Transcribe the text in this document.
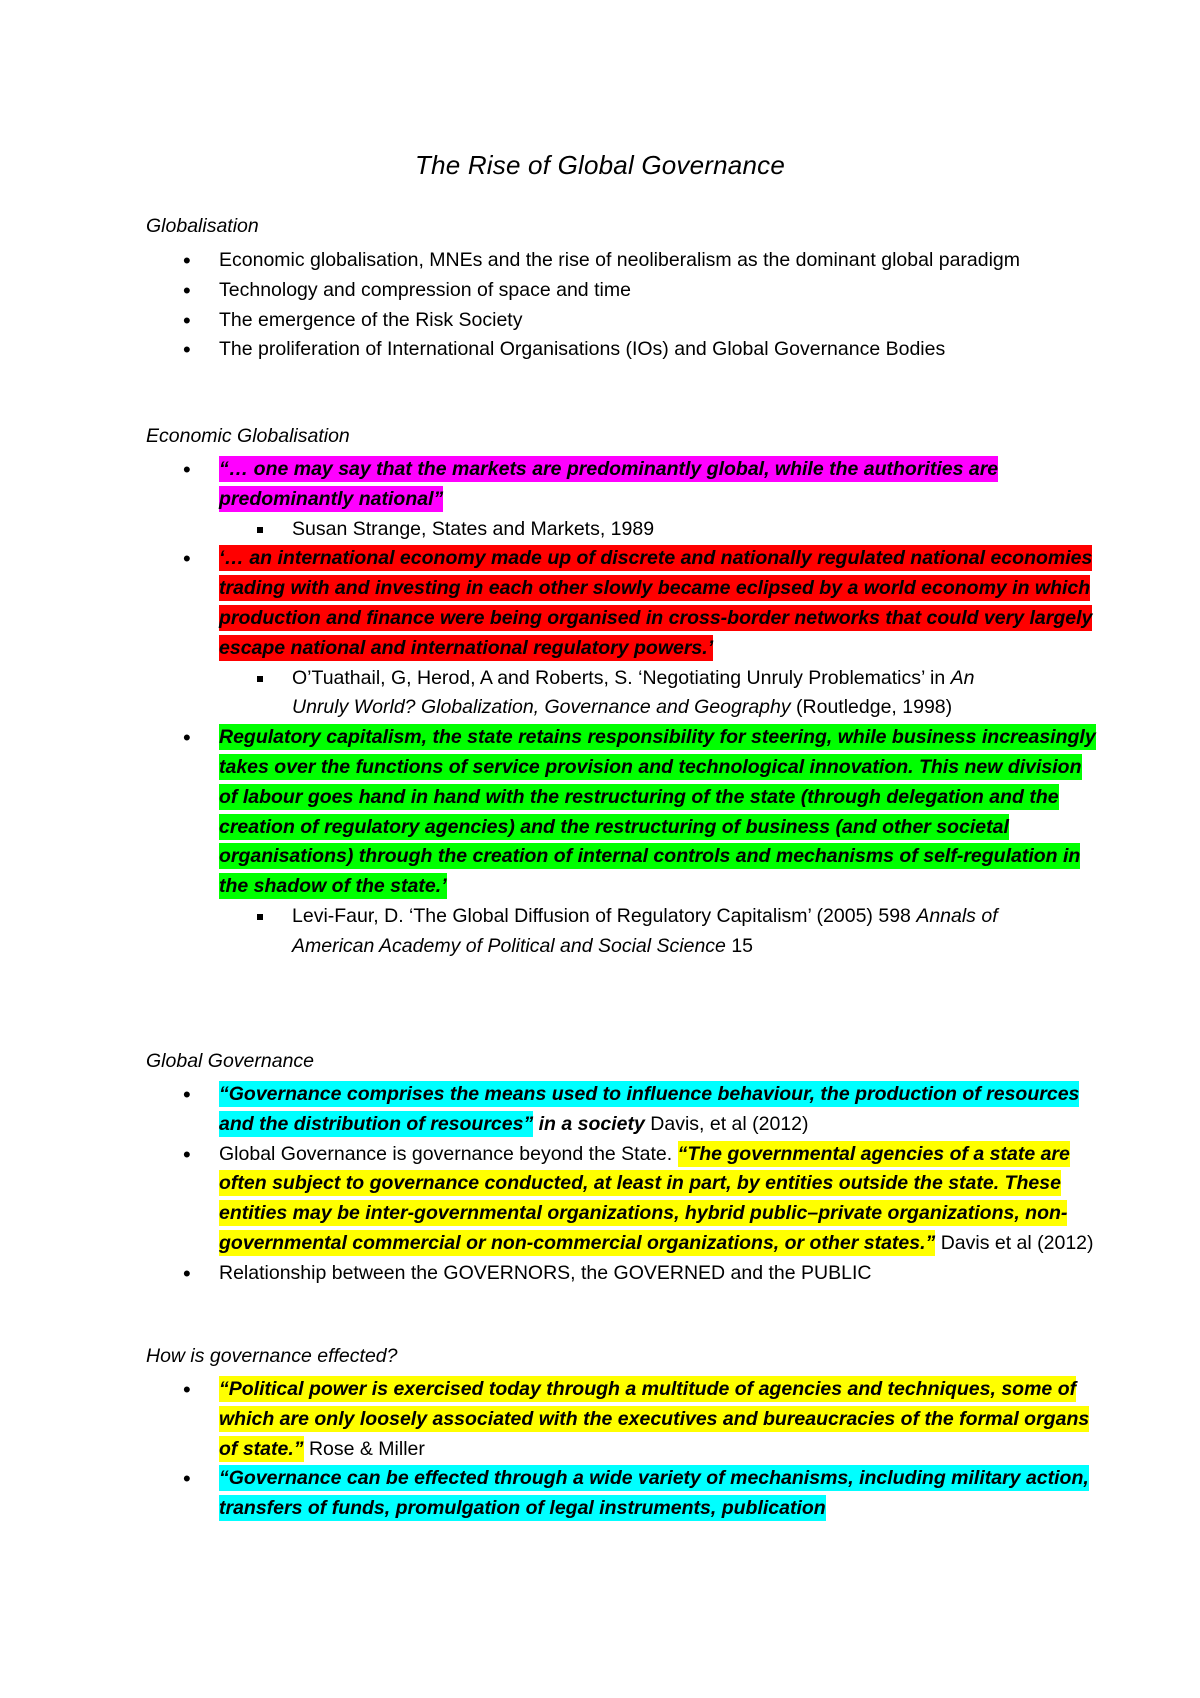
The Rise of Global Governance

Globalisation

• Economic globalisation, MNEs and the rise of neoliberalism as the dominant global paradigm
• Technology and compression of space and time
• The emergence of the Risk Society
• The proliferation of International Organisations (IOs) and Global Governance Bodies

Economic Globalisation

• “… one may say that the markets are predominantly global, while the authorities are predominantly national”
Susan Strange, States and Markets, 1989
• ‘… an international economy made up of discrete and nationally regulated national economies trading with and investing in each other slowly became eclipsed by a world economy in which production and finance were being organised in cross-border networks that could very largely escape national and international regulatory powers.’
O’Tuathail, G, Herod, A and Roberts, S. ‘Negotiating Unruly Problematics’ in An Unruly World? Globalization, Governance and Geography (Routledge, 1998)
• Regulatory capitalism, the state retains responsibility for steering, while business increasingly takes over the functions of service provision and technological innovation. This new division of labour goes hand in hand with the restructuring of the state (through delegation and the creation of regulatory agencies) and the restructuring of business (and other societal organisations) through the creation of internal controls and mechanisms of self-regulation in the shadow of the state.’
Levi-Faur, D. ‘The Global Diffusion of Regulatory Capitalism’ (2005) 598 Annals of American Academy of Political and Social Science 15

Global Governance

• “Governance comprises the means used to influence behaviour, the production of resources and the distribution of resources” in a society Davis, et al (2012)
• Global Governance is governance beyond the State. “The governmental agencies of a state are often subject to governance conducted, at least in part, by entities outside the state. These entities may be inter-governmental organizations, hybrid public–private organizations, non-governmental commercial or non-commercial organizations, or other states.” Davis et al (2012)
• Relationship between the GOVERNORS, the GOVERNED and the PUBLIC

How is governance effected?

• “Political power is exercised today through a multitude of agencies and techniques, some of which are only loosely associated with the executives and bureaucracies of the formal organs of state.” Rose & Miller
• “Governance can be effected through a wide variety of mechanisms, including military action, transfers of funds, promulgation of legal instruments, publication
